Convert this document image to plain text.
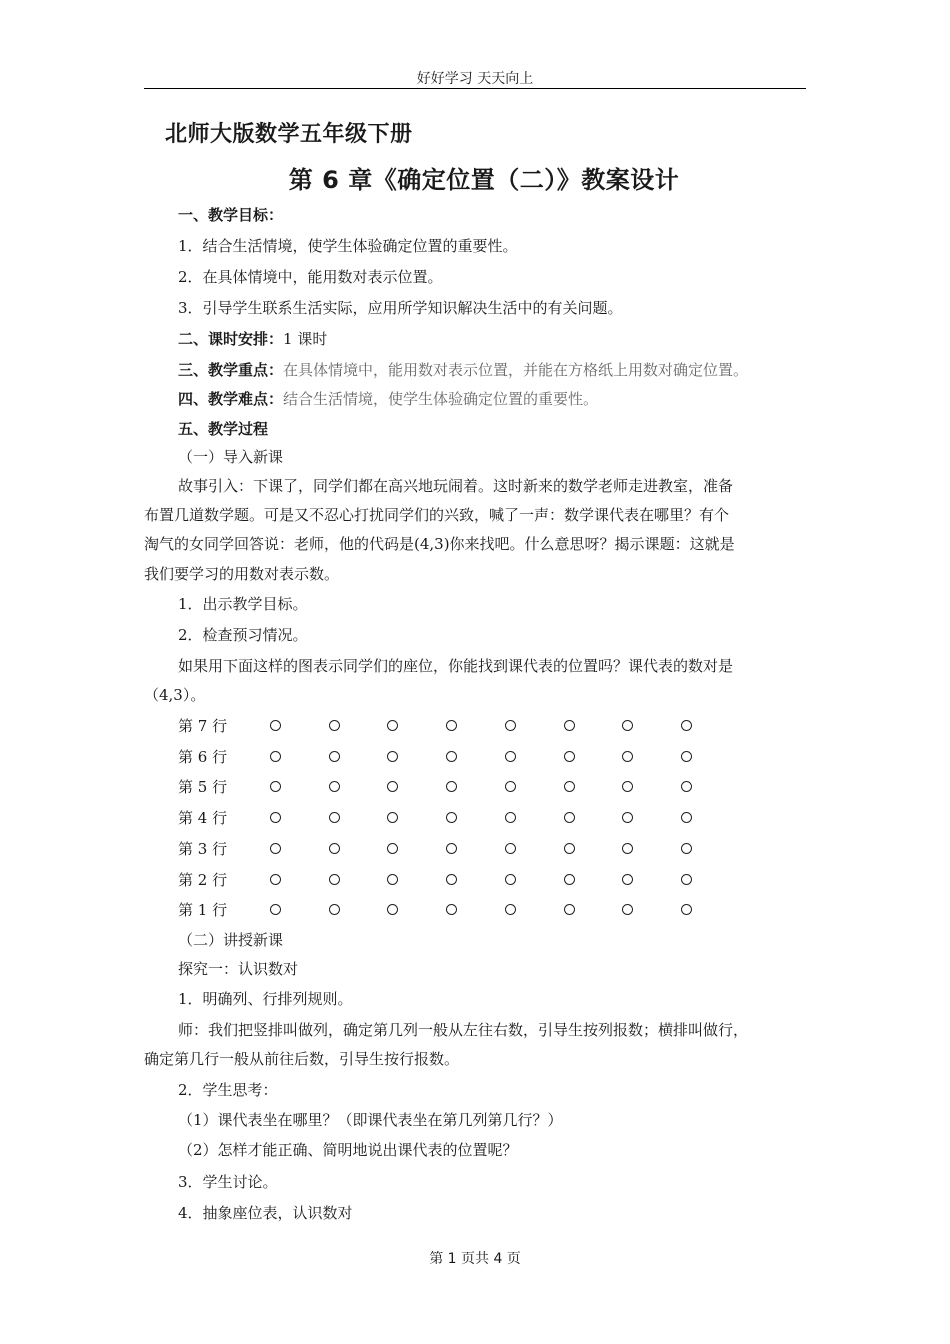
好好学习 天天向上
北师大版数学五年级下册
第 6 章《确定位置（二）》教案设计
一、教学目标：
1．结合生活情境，使学生体验确定位置的重要性。
2．在具体情境中，能用数对表示位置。
3．引导学生联系生活实际，应用所学知识解决生活中的有关问题。
二、课时安排：1 课时
三、教学重点：在具体情境中，能用数对表示位置，并能在方格纸上用数对确定位置。
四、教学难点：结合生活情境，使学生体验确定位置的重要性。
五、教学过程
（一）导入新课
故事引入：下课了，同学们都在高兴地玩闹着。这时新来的数学老师走进教室，准备
布置几道数学题。可是又不忍心打扰同学们的兴致，喊了一声：数学课代表在哪里？有个
淘气的女同学回答说：老师，他的代码是(4,3)你来找吧。什么意思呀？揭示课题：这就是
我们要学习的用数对表示数。
1．出示教学目标。
2．检查预习情况。
如果用下面这样的图表示同学们的座位，你能找到课代表的位置吗？课代表的数对是
（4,3）。
第 7 行
第 6 行
第 5 行
第 4 行
第 3 行
第 2 行
第 1 行
（二）讲授新课
探究一：认识数对
1．明确列、行排列规则。
师：我们把竖排叫做列，确定第几列一般从左往右数，引导生按列报数；横排叫做行，
确定第几行一般从前往后数，引导生按行报数。
2．学生思考：
（1）课代表坐在哪里？（即课代表坐在第几列第几行？）
（2）怎样才能正确、简明地说出课代表的位置呢？
3．学生讨论。
4．抽象座位表，认识数对
第 1 页共 4 页
